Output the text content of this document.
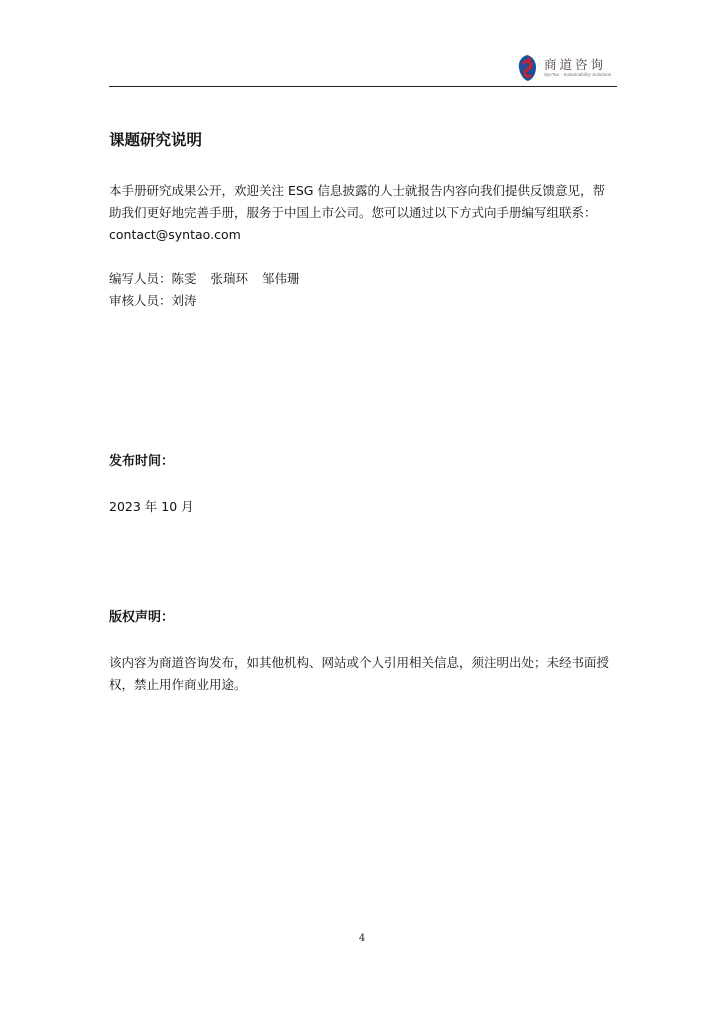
商道咨询
SynTao · Sustainability Solutions
课题研究说明
本手册研究成果公开，欢迎关注 ESG 信息披露的人士就报告内容向我们提供反馈意见，帮
助我们更好地完善手册，服务于中国上市公司。您可以通过以下方式向手册编写组联系：
contact@syntao.com
编写人员：陈雯 张瑞环 邹伟珊
审核人员：刘涛
发布时间：
2023 年 10 月
版权声明：
该内容为商道咨询发布，如其他机构、网站或个人引用相关信息，须注明出处；未经书面授
权，禁止用作商业用途。
4
